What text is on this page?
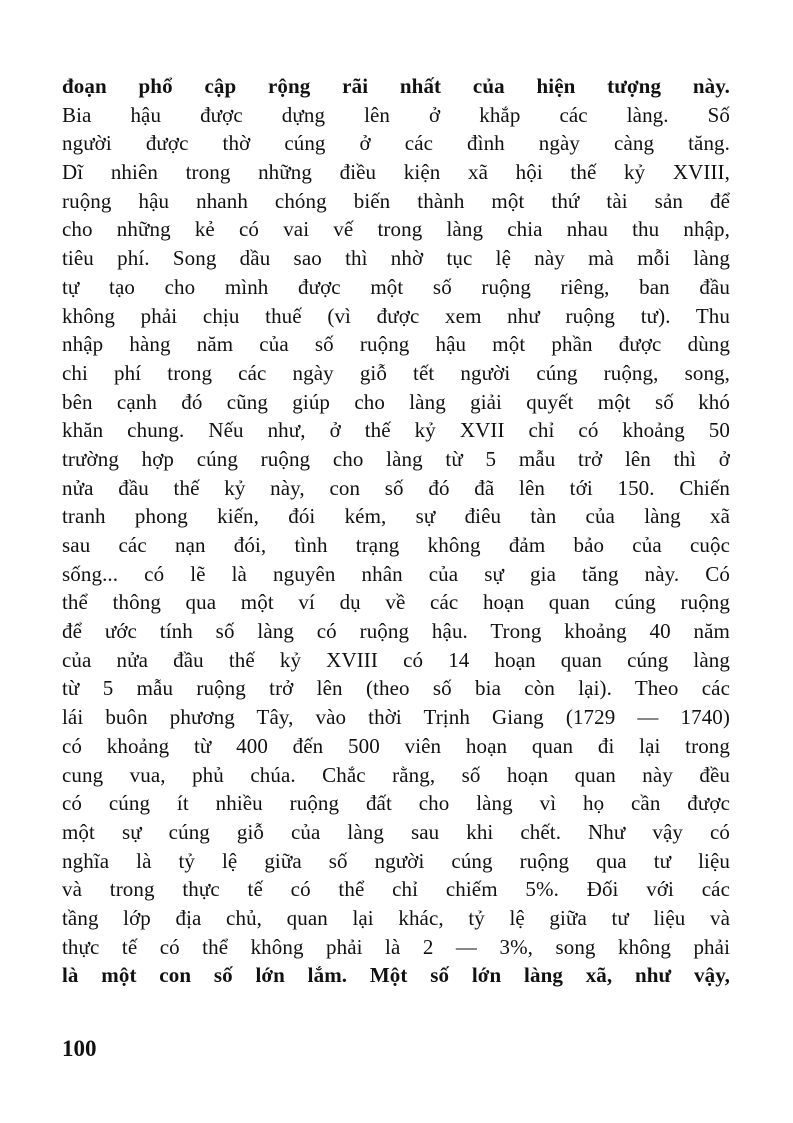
đoạn phổ cập rộng rãi nhất của hiện tượng này.
Bia hậu được dựng lên ở khắp các làng. Số
người được thờ cúng ở các đình ngày càng tăng.
Dĩ nhiên trong những điều kiện xã hội thế kỷ XVIII,
ruộng hậu nhanh chóng biến thành một thứ tài sản để
cho những kẻ có vai vế trong làng chia nhau thu nhập,
tiêu phí. Song dầu sao thì nhờ tục lệ này mà mỗi làng
tự tạo cho mình được một số ruộng riêng, ban đầu
không phải chịu thuế (vì được xem như ruộng tư). Thu
nhập hàng năm của số ruộng hậu một phần được dùng
chi phí trong các ngày giỗ tết người cúng ruộng, song,
bên cạnh đó cũng giúp cho làng giải quyết một số khó
khăn chung. Nếu như, ở thế kỷ XVII chỉ có khoảng 50
trường hợp cúng ruộng cho làng từ 5 mẫu trở lên thì ở
nửa đầu thế kỷ này, con số đó đã lên tới 150. Chiến
tranh phong kiến, đói kém, sự điêu tàn của làng xã
sau các nạn đói, tình trạng không đảm bảo của cuộc
sống... có lẽ là nguyên nhân của sự gia tăng này. Có
thể thông qua một ví dụ về các hoạn quan cúng ruộng
để ước tính số làng có ruộng hậu. Trong khoảng 40 năm
của nửa đầu thế kỷ XVIII có 14 hoạn quan cúng làng
từ 5 mẫu ruộng trở lên (theo số bia còn lại). Theo các
lái buôn phương Tây, vào thời Trịnh Giang (1729 — 1740)
có khoảng từ 400 đến 500 viên hoạn quan đi lại trong
cung vua, phủ chúa. Chắc rằng, số hoạn quan này đều
có cúng ít nhiều ruộng đất cho làng vì họ cần được
một sự cúng giỗ của làng sau khi chết. Như vậy có
nghĩa là tỷ lệ giữa số người cúng ruộng qua tư liệu
và trong thực tế có thể chỉ chiếm 5%. Đối với các
tầng lớp địa chủ, quan lại khác, tỷ lệ giữa tư liệu và
thực tế có thể không phải là 2 — 3%, song không phải
là một con số lớn lắm. Một số lớn làng xã, như vậy,
100
